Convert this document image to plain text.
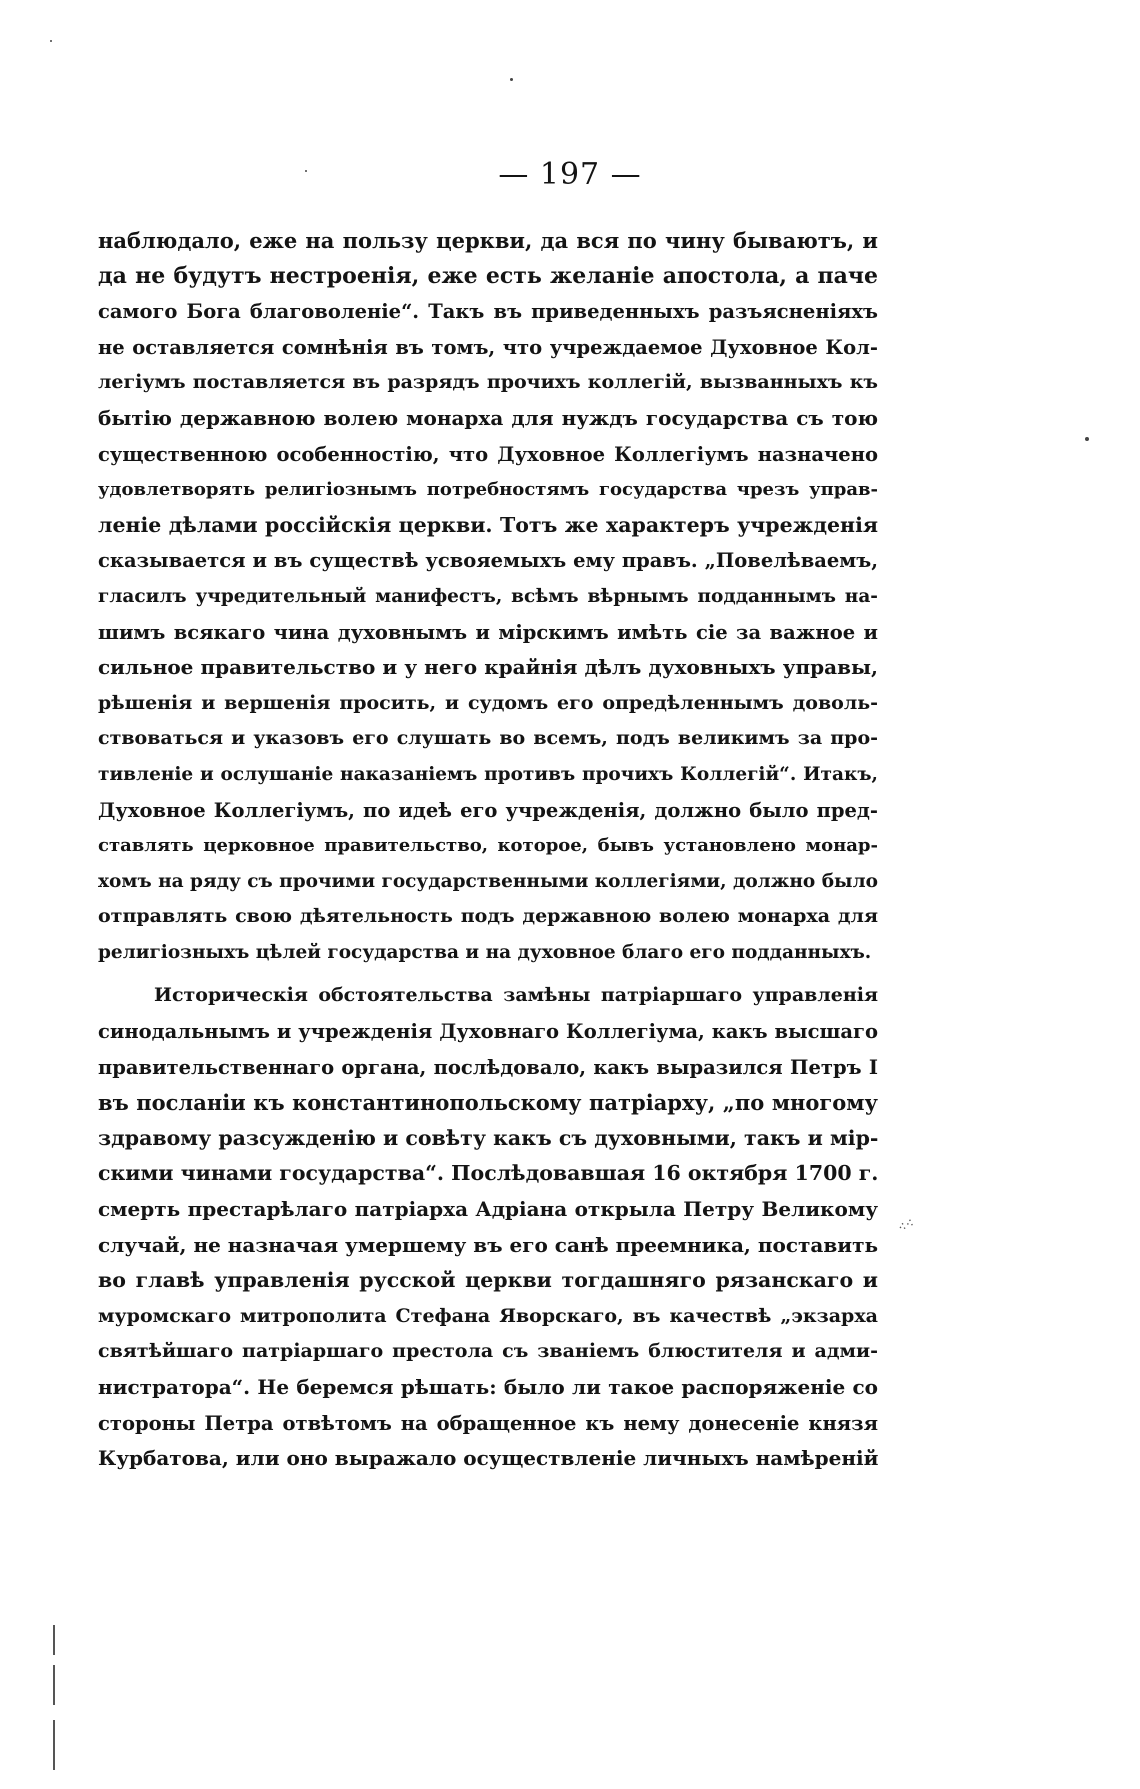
— 197 —
наблюдало, еже на пользу церкви, да вся по чину бываютъ, и
да не будутъ нестроенія, еже есть желаніе апостола, а паче
самого Бога благоволеніе“. Такъ въ приведенныхъ разъясненіяхъ
не оставляется сомнѣнія въ томъ, что учреждаемое Духовное Кол-
легіумъ поставляется въ разрядъ прочихъ коллегій, вызванныхъ къ
бытію державною волею монарха для нуждъ государства съ тою
существенною особенностію, что Духовное Коллегіумъ назначено
удовлетворять религіознымъ потребностямъ государства чрезъ управ-
леніе дѣлами россійскія церкви. Тотъ же характеръ учрежденія
сказывается и въ существѣ усвояемыхъ ему правъ. „Повелѣваемъ,
гласилъ учредительный манифестъ, всѣмъ вѣрнымъ подданнымъ на-
шимъ всякаго чина духовнымъ и мірскимъ имѣть сіе за важное и
сильное правительство и у него крайнія дѣлъ духовныхъ управы,
рѣшенія и вершенія просить, и судомъ его опредѣленнымъ доволь-
ствоваться и указовъ его слушать во всемъ, подъ великимъ за про-
тивленіе и ослушаніе наказаніемъ противъ прочихъ Коллегій“. Итакъ,
Духовное Коллегіумъ, по идеѣ его учрежденія, должно было пред-
ставлять церковное правительство, которое, бывъ установлено монар-
хомъ на ряду съ прочими государственными коллегіями, должно было
отправлять свою дѣятельность подъ державною волею монарха для
религіозныхъ цѣлей государства и на духовное благо его подданныхъ.
Историческія обстоятельства замѣны патріаршаго управленія
синодальнымъ и учрежденія Духовнаго Коллегіума, какъ высшаго
правительственнаго органа, послѣдовало, какъ выразился Петръ I
въ посланіи къ константинопольскому патріарху, „по многому
здравому разсужденію и совѣту какъ съ духовными, такъ и мір-
скими чинами государства“. Послѣдовавшая 16 октября 1700 г.
смерть престарѣлаго патріарха Адріана открыла Петру Великому
случай, не назначая умершему въ его санѣ преемника, поставить
во главѣ управленія русской церкви тогдашняго рязанскаго и
муромскаго митрополита Стефана Яворскаго, въ качествѣ „экзарха
святѣйшаго патріаршаго престола съ званіемъ блюстителя и адми-
нистратора“. Не беремся рѣшать: было ли такое распоряженіе со
стороны Петра отвѣтомъ на обращенное къ нему донесеніе князя
Курбатова, или оно выражало осуществленіе личныхъ намѣреній
⁖⁖
